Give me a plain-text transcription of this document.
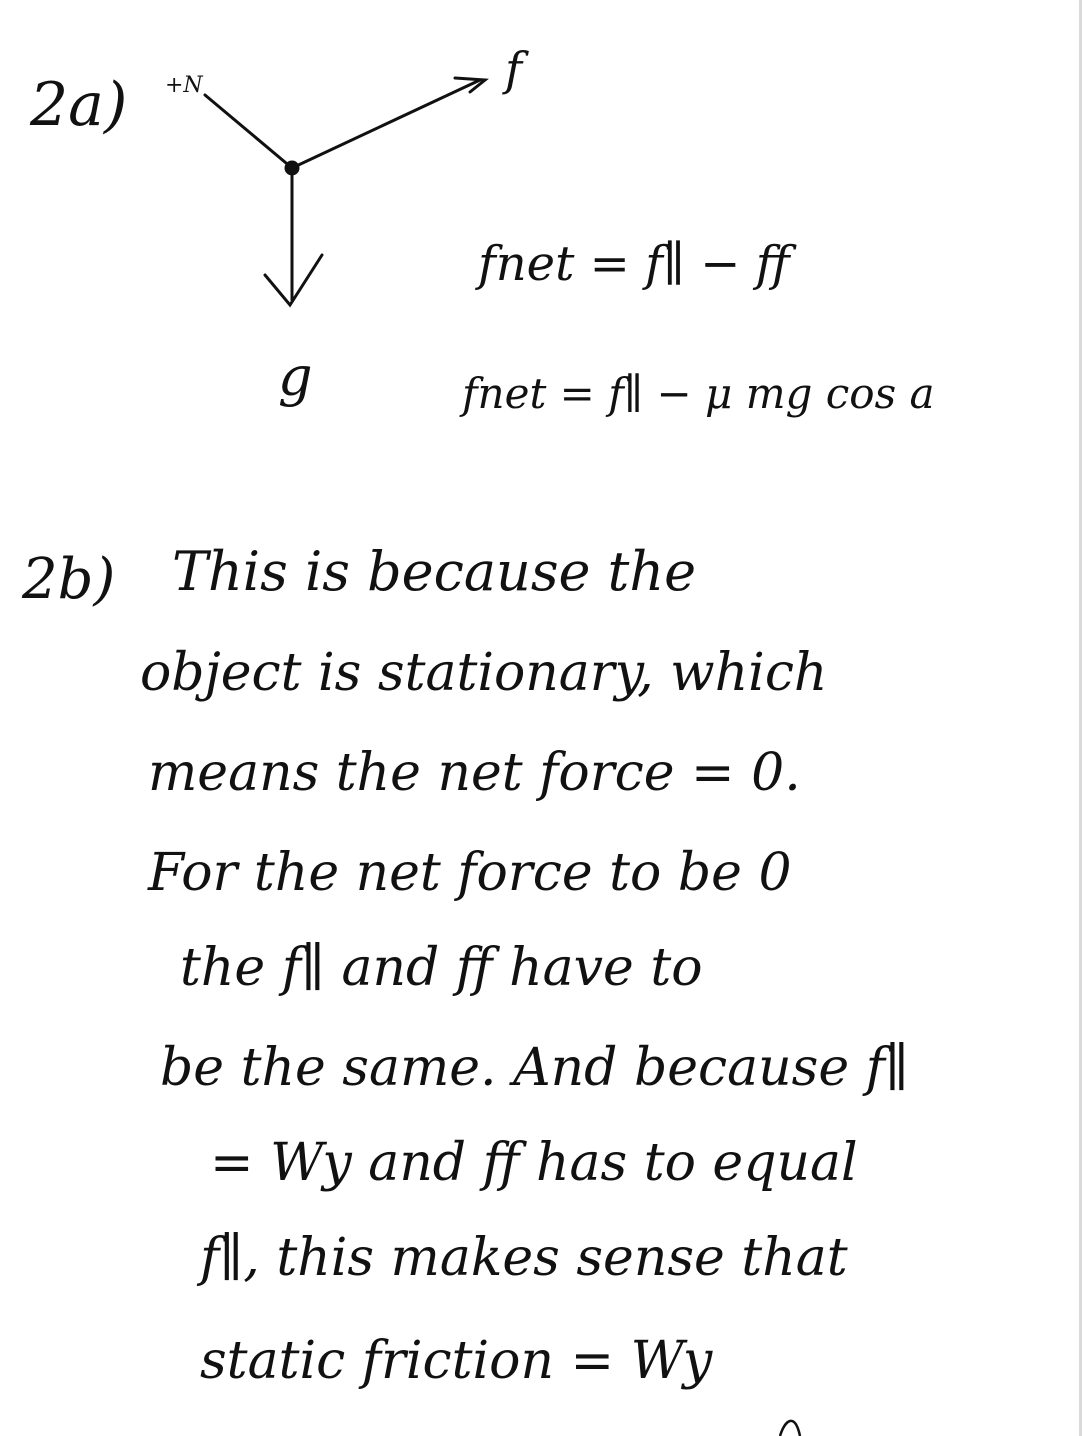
2a) +N	f
g
fnet = f∥ − ff
fnet = f∥ − μ mg cos a
2b) This is because the
object is stationary, which
means the net force = 0.
For the net force to be 0
the f∥ and ff have to
be the same. And because f∥
= Wy and ff has to equal
f∥, this makes sense that
static friction = Wy
